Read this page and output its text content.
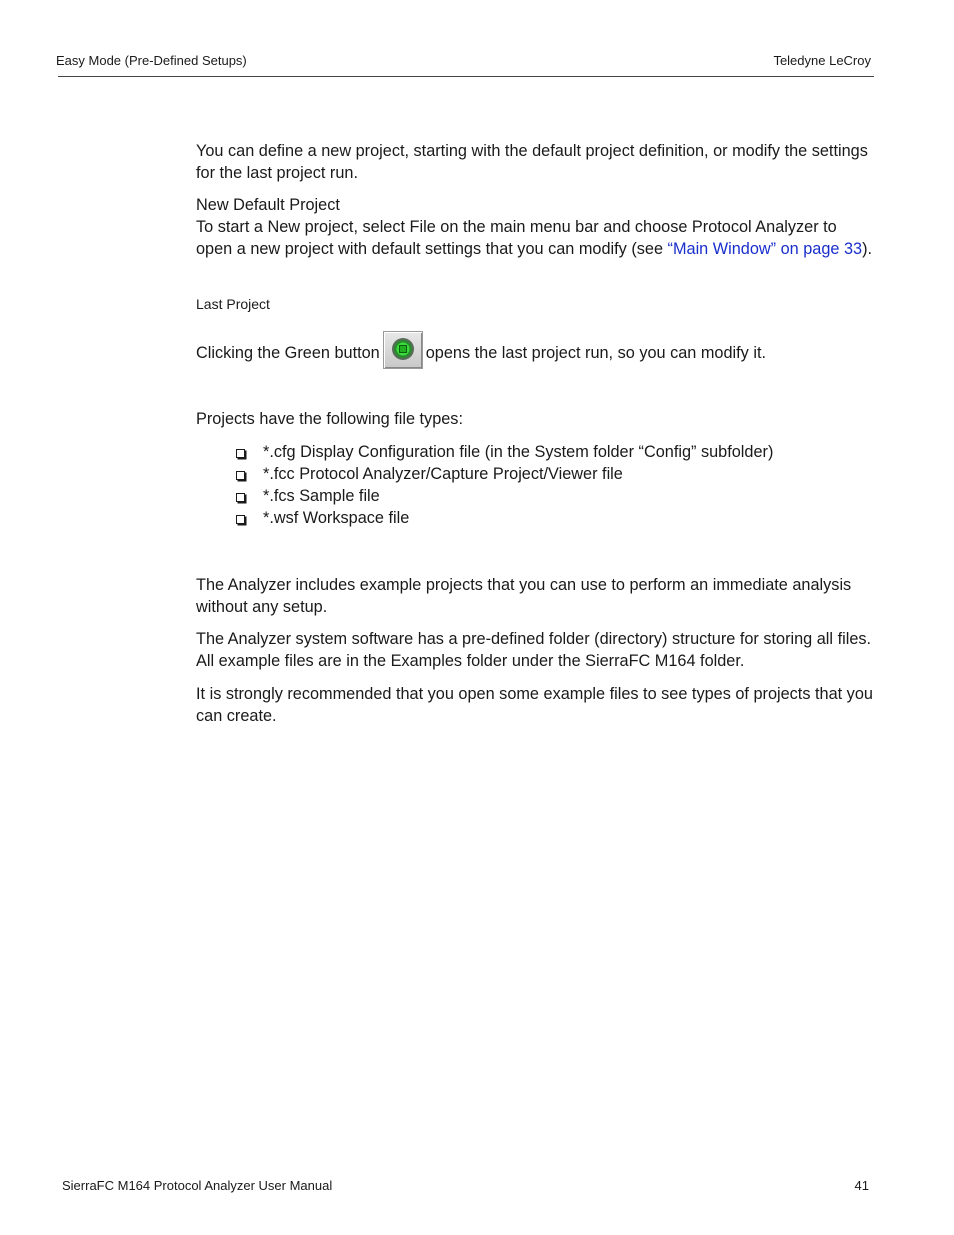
Easy Mode (Pre-Defined Setups)	Teledyne LeCroy

You can define a new project, starting with the default project definition, or modify the settings for the last project run.

New Default Project
To start a New project, select File on the main menu bar and choose Protocol Analyzer to open a new project with default settings that you can modify (see “Main Window” on page 33).
Last Project
Clicking the Green button	opens the last project run, so you can modify it.

Projects have the following file types:

*.cfg Display Configuration file (in the System folder “Config” subfolder)
*.fcc Protocol Analyzer/Capture Project/Viewer file
*.fcs Sample file
*.wsf Workspace file

The Analyzer includes example projects that you can use to perform an immediate analysis without any setup.

The Analyzer system software has a pre-defined folder (directory) structure for storing all files. All example files are in the Examples folder under the SierraFC M164 folder.

It is strongly recommended that you open some example files to see types of projects that you can create.

SierraFC M164 Protocol Analyzer User Manual	41
